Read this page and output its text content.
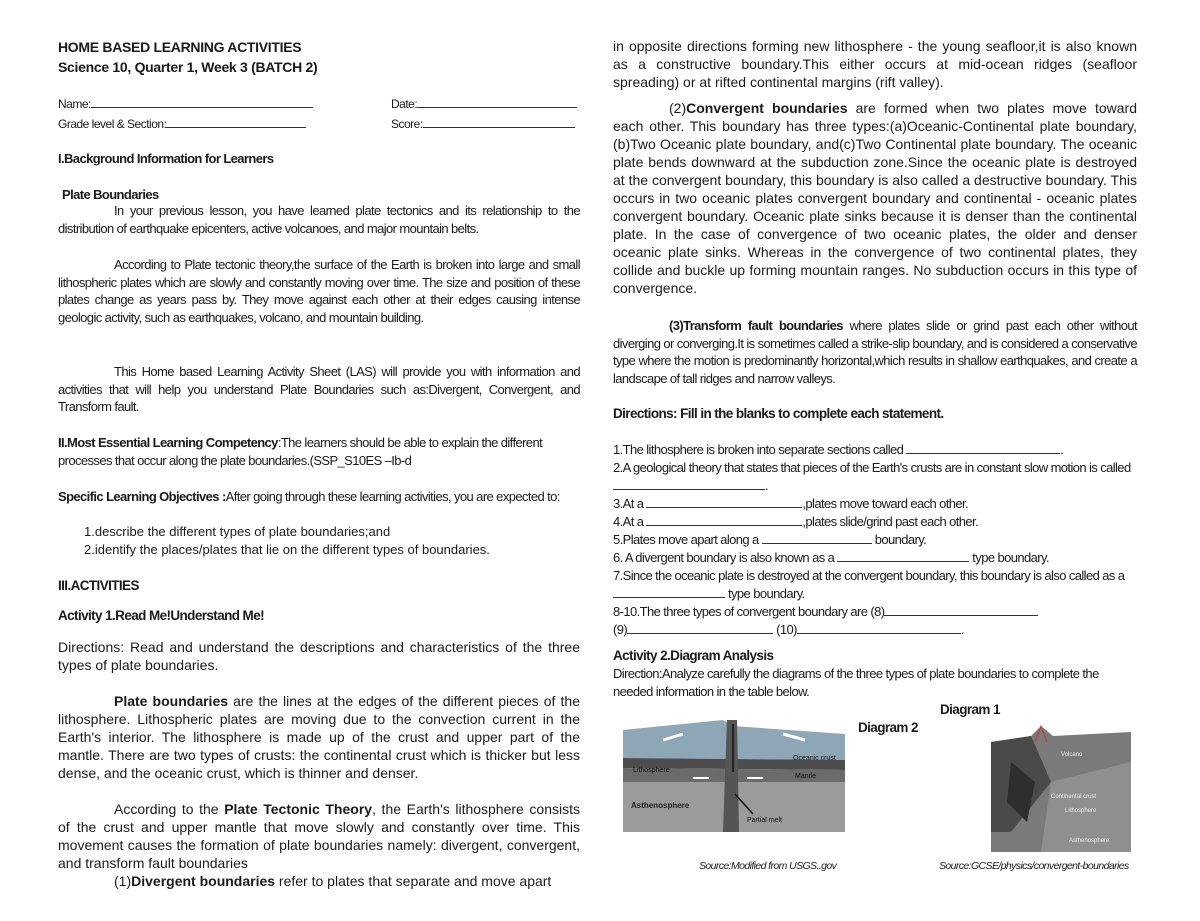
HOME BASED LEARNING ACTIVITIES
Science 10, Quarter 1, Week 3 (BATCH 2)
Name:	Date:
Grade level & Section:	Score:
I.Background Information for Learners
Plate Boundaries
In your previous lesson, you have learned plate tectonics and its relationship to the distribution of earthquake epicenters, active volcanoes, and major mountain belts.
According to Plate tectonic theory,the surface of the Earth is broken into large and small lithospheric plates which are slowly and constantly moving over time. The size and position of these plates change as years pass by. They move against each other at their edges causing intense geologic activity, such as earthquakes, volcano, and mountain building.
This Home based Learning Activity Sheet (LAS) will provide you with information and activities that will help you understand Plate Boundaries such as:Divergent, Convergent, and Transform fault.
II.Most Essential Learning Competency:The learners should be able to explain the different processes that occur along the plate boundaries.(SSP_S10ES –Ib-d
Specific Learning Objectives :After going through these learning activities, you are expected to:
1.describe the different types of plate boundaries;and
2.identify the places/plates that lie on the different types of boundaries.
III.ACTIVITIES
Activity 1.Read Me!Understand Me!
Directions: Read and understand the descriptions and characteristics of the three types of plate boundaries.
Plate boundaries are the lines at the edges of the different pieces of the lithosphere. Lithospheric plates are moving due to the convection current in the Earth's interior. The lithosphere is made up of the crust and upper part of the mantle. There are two types of crusts: the continental crust which is thicker but less dense, and the oceanic crust, which is thinner and denser.
According to the Plate Tectonic Theory, the Earth's lithosphere consists of the crust and upper mantle that move slowly and constantly over time. This movement causes the formation of plate boundaries namely: divergent, convergent, and transform fault boundaries
(1)Divergent boundaries refer to plates that separate and move apart
in opposite directions forming new lithosphere - the young seafloor,it is also known as a constructive boundary.This either occurs at mid-ocean ridges (seafloor spreading) or at rifted continental margins (rift valley).
(2)Convergent boundaries are formed when two plates move toward each other. This boundary has three types:(a)Oceanic-Continental plate boundary,(b)Two Oceanic plate boundary, and(c)Two Continental plate boundary. The oceanic plate bends downward at the subduction zone.Since the oceanic plate is destroyed at the convergent boundary, this boundary is also called a destructive boundary. This occurs in two oceanic plates convergent boundary and continental - oceanic plates convergent boundary. Oceanic plate sinks because it is denser than the continental plate. In the case of convergence of two oceanic plates, the older and denser oceanic plate sinks. Whereas in the convergence of two continental plates, they collide and buckle up forming mountain ranges. No subduction occurs in this type of convergence.
(3)Transform fault boundaries where plates slide or grind past each other without diverging or converging.It is sometimes called a strike-slip boundary, and is considered a conservative type where the motion is predominantly horizontal,which results in shallow earthquakes, and create a landscape of tall ridges and narrow valleys.
Directions: Fill in the blanks to complete each statement.
1.The lithosphere is broken into separate sections called	.
2.A geological theory that states that pieces of the Earth's crusts are in constant slow motion is called .
3.At a	,plates move toward each other.
4.At a	,plates slide/grind past each other.
5.Plates move apart along a	boundary.
6. A divergent boundary is also known as a	type boundary.
7.Since the oceanic plate is destroyed at the convergent boundary, this boundary is also called as a  type boundary.
8-10.The three types of convergent boundary are (8)
(9)	(10)	.
Activity 2.Diagram Analysis
Direction:Analyze carefully the diagrams of the three types of plate boundaries to complete the needed information in the table below.
Diagram 1
Diagram 2
Lithosphere
Oceanic crust
Mantle
Asthenosphere
Partial melt
Volcano
Continental crust
Lithosphere
Asthenosphere
Source:Modified from USGS..gov	Source:GCSE/physics/convergent-boundaries
